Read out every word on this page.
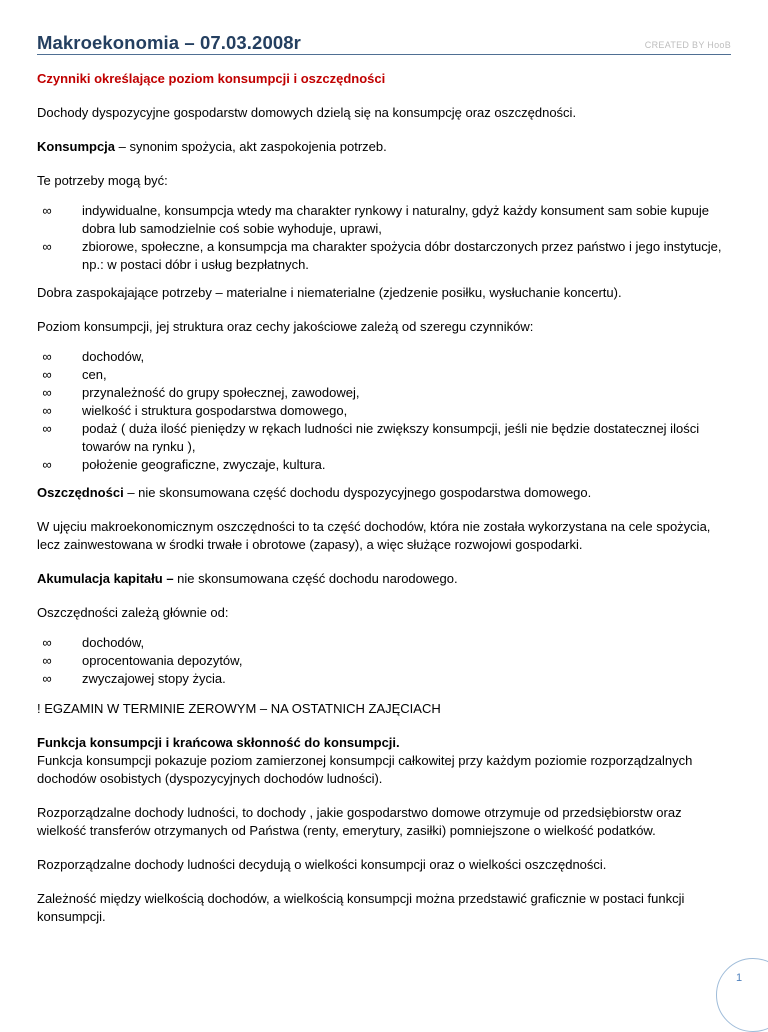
Makroekonomia – 07.03.2008r	CREATED BY HooB

Czynniki określające poziom konsumpcji i oszczędności

Dochody dyspozycyjne gospodarstw domowych dzielą się na konsumpcję oraz oszczędności.

Konsumpcja – synonim spożycia, akt zaspokojenia potrzeb.

Te potrzeby mogą być:

∞	indywidualne, konsumpcja wtedy ma charakter rynkowy i naturalny, gdyż każdy konsument sam sobie kupuje dobra lub samodzielnie coś sobie wyhoduje, uprawi,
∞	zbiorowe, społeczne, a konsumpcja ma charakter spożycia dóbr dostarczonych przez państwo i jego instytucje, np.: w postaci dóbr i usług bezpłatnych.

Dobra zaspokajające potrzeby – materialne i niematerialne (zjedzenie posiłku, wysłuchanie koncertu).

Poziom konsumpcji, jej struktura oraz cechy jakościowe zależą od szeregu czynników:

∞	dochodów,
∞	cen,
∞	przynależność do grupy społecznej, zawodowej,
∞	wielkość i struktura gospodarstwa domowego,
∞	podaż ( duża ilość pieniędzy w rękach ludności nie zwiększy konsumpcji, jeśli nie będzie dostatecznej ilości towarów na rynku ),
∞	położenie geograficzne, zwyczaje, kultura.

Oszczędności – nie skonsumowana część dochodu dyspozycyjnego gospodarstwa domowego.

W ujęciu makroekonomicznym oszczędności to ta część dochodów, która nie została wykorzystana na cele spożycia, lecz zainwestowana w środki trwałe i obrotowe (zapasy), a więc służące rozwojowi gospodarki.

Akumulacja kapitału – nie skonsumowana część dochodu narodowego.

Oszczędności zależą głównie od:

∞	dochodów,
∞	oprocentowania depozytów,
∞	zwyczajowej stopy życia.

! EGZAMIN W TERMINIE ZEROWYM – NA OSTATNICH ZAJĘCIACH

Funkcja konsumpcji i krańcowa skłonność do konsumpcji.
Funkcja konsumpcji pokazuje poziom zamierzonej konsumpcji całkowitej przy każdym poziomie rozporządzalnych dochodów osobistych (dyspozycyjnych dochodów ludności).

Rozporządzalne dochody ludności, to dochody , jakie gospodarstwo domowe otrzymuje od przedsiębiorstw oraz wielkość transferów otrzymanych od Państwa (renty, emerytury, zasiłki) pomniejszone o wielkość podatków.

Rozporządzalne dochody ludności decydują o wielkości konsumpcji oraz o wielkości oszczędności.

Zależność między wielkością dochodów, a wielkością konsumpcji można przedstawić graficznie w postaci funkcji konsumpcji.

1
